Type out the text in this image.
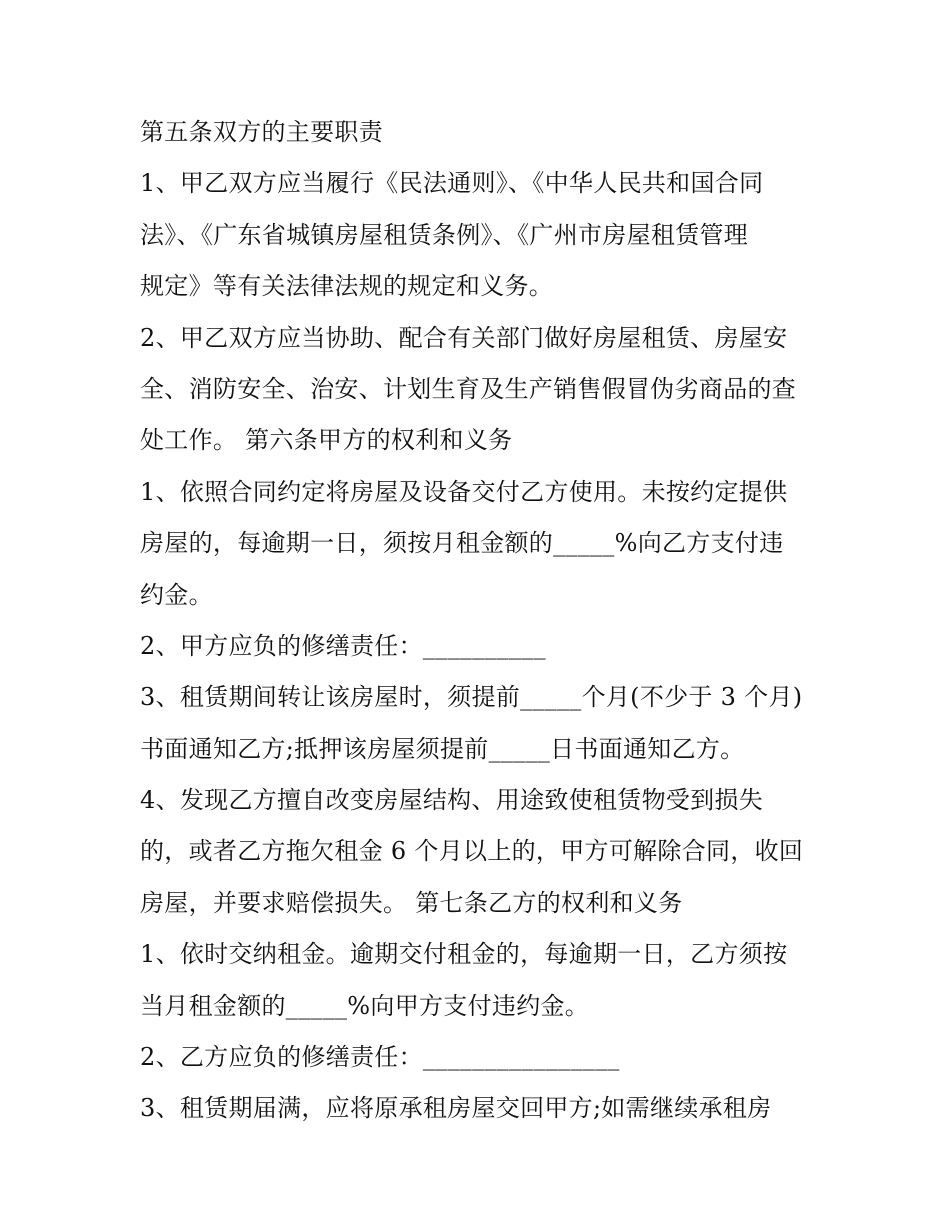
第五条双方的主要职责
1、甲乙双方应当履行《民法通则》、《中华人民共和国合同
法》、《广东省城镇房屋租赁条例》、《广州市房屋租赁管理
规定》等有关法律法规的规定和义务。
2、甲乙双方应当协助、配合有关部门做好房屋租赁、房屋安
全、消防安全、治安、计划生育及生产销售假冒伪劣商品的查
处工作。 第六条甲方的权利和义务
1、依照合同约定将房屋及设备交付乙方使用。未按约定提供
房屋的，每逾期一日，须按月租金额的_____%向乙方支付违
约金。
2、甲方应负的修缮责任：__________
3、租赁期间转让该房屋时，须提前_____个月(不少于 3 个月)
书面通知乙方;抵押该房屋须提前_____日书面通知乙方。
4、发现乙方擅自改变房屋结构、用途致使租赁物受到损失
的，或者乙方拖欠租金 6 个月以上的，甲方可解除合同，收回
房屋，并要求赔偿损失。 第七条乙方的权利和义务
1、依时交纳租金。逾期交付租金的，每逾期一日，乙方须按
当月租金额的_____%向甲方支付违约金。
2、乙方应负的修缮责任：________________
3、租赁期届满，应将原承租房屋交回甲方;如需继续承租房
